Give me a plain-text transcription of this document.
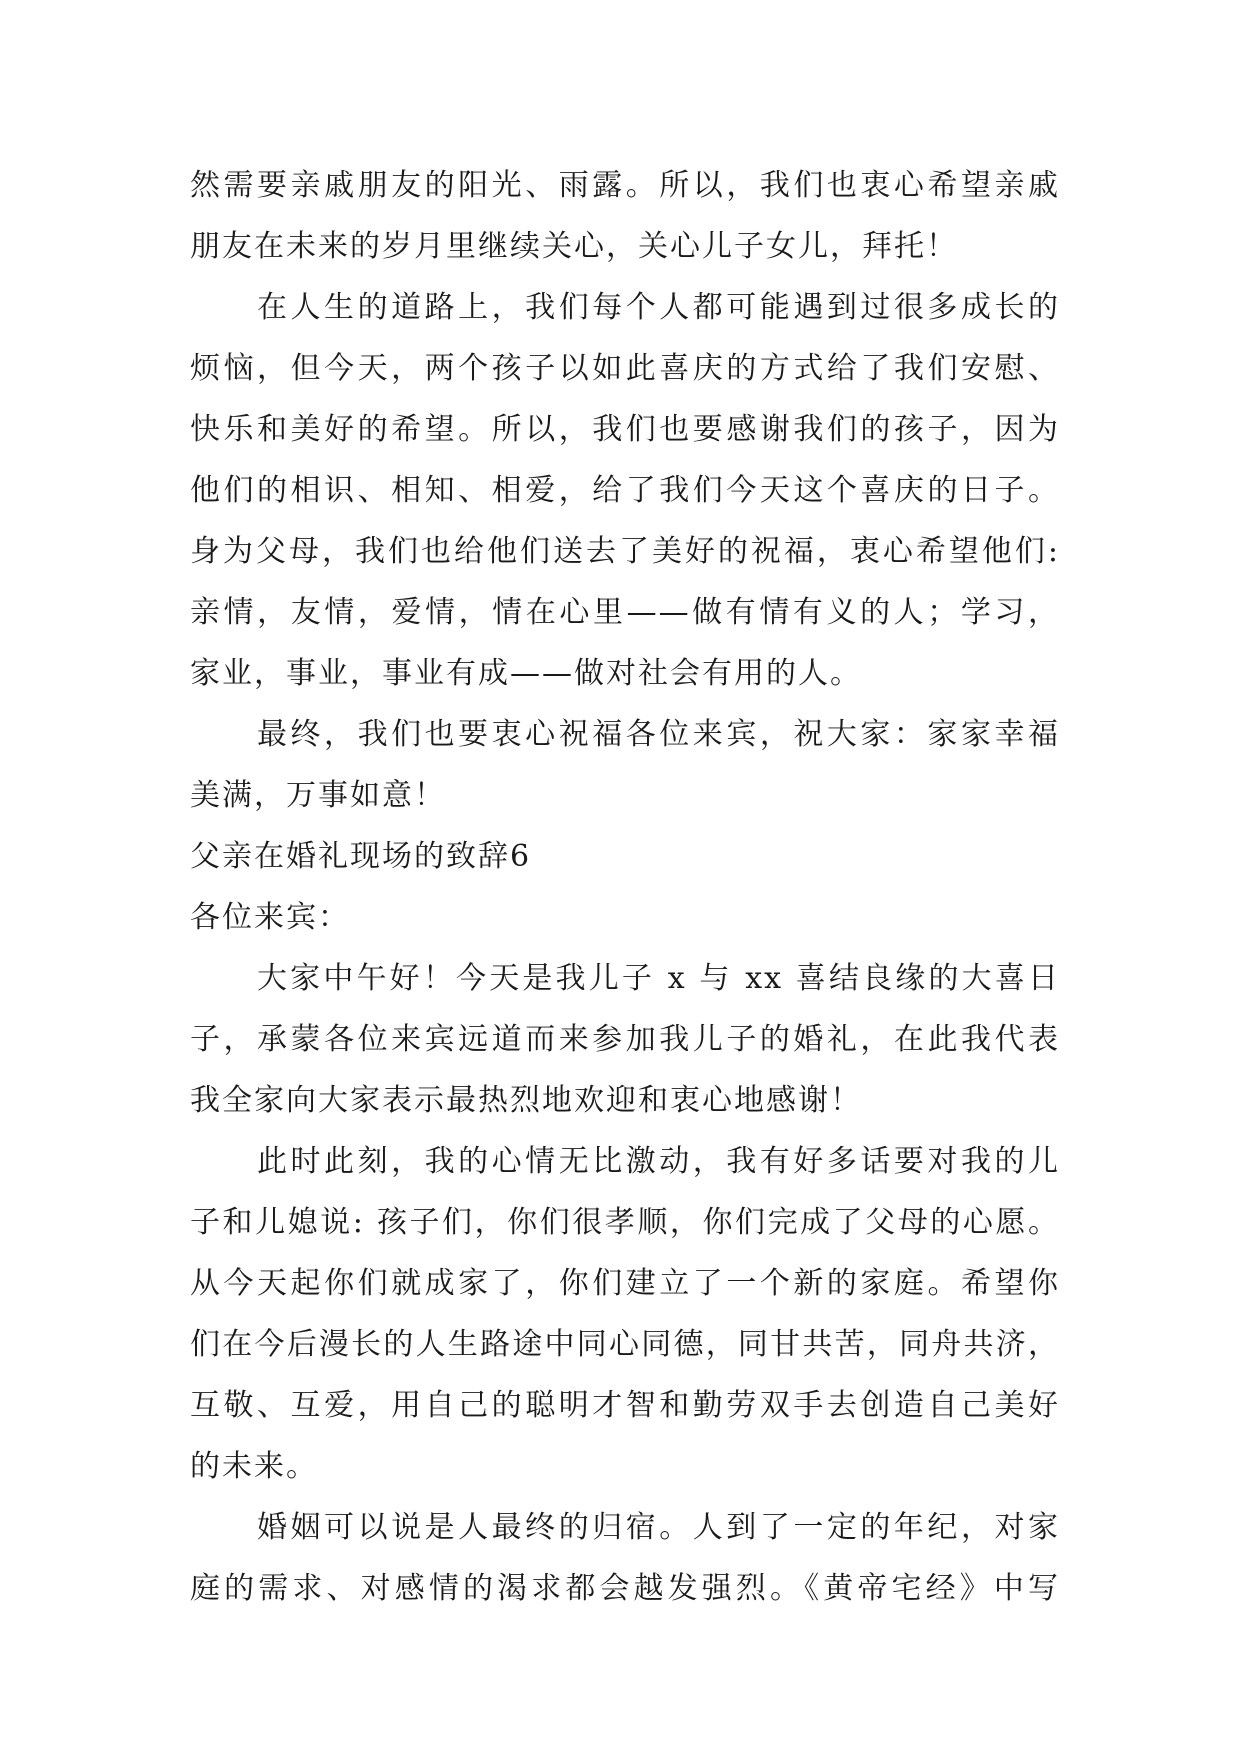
然需要亲戚朋友的阳光、雨露。所以，我们也衷心希望亲戚
朋友在未来的岁月里继续关心，关心儿子女儿，拜托！
在人生的道路上，我们每个人都可能遇到过很多成长的
烦恼，但今天，两个孩子以如此喜庆的方式给了我们安慰、
快乐和美好的希望。所以，我们也要感谢我们的孩子，因为
他们的相识、相知、相爱，给了我们今天这个喜庆的日子。
身为父母，我们也给他们送去了美好的祝福，衷心希望他们:
亲情，友情，爱情，情在心里——做有情有义的人；学习，
家业，事业，事业有成——做对社会有用的人。
最终，我们也要衷心祝福各位来宾，祝大家：家家幸福
美满，万事如意！
父亲在婚礼现场的致辞6
各位来宾：
大家中午好！今天是我儿子 x 与 xx 喜结良缘的大喜日
子，承蒙各位来宾远道而来参加我儿子的婚礼，在此我代表
我全家向大家表示最热烈地欢迎和衷心地感谢！
此时此刻，我的心情无比激动，我有好多话要对我的儿
子和儿媳说: 孩子们，你们很孝顺，你们完成了父母的心愿。
从今天起你们就成家了，你们建立了一个新的家庭。希望你
们在今后漫长的人生路途中同心同德，同甘共苦，同舟共济，
互敬、互爱，用自己的聪明才智和勤劳双手去创造自己美好
的未来。
婚姻可以说是人最终的归宿。人到了一定的年纪，对家
庭的需求、对感情的渴求都会越发强烈。《黄帝宅经》中写
